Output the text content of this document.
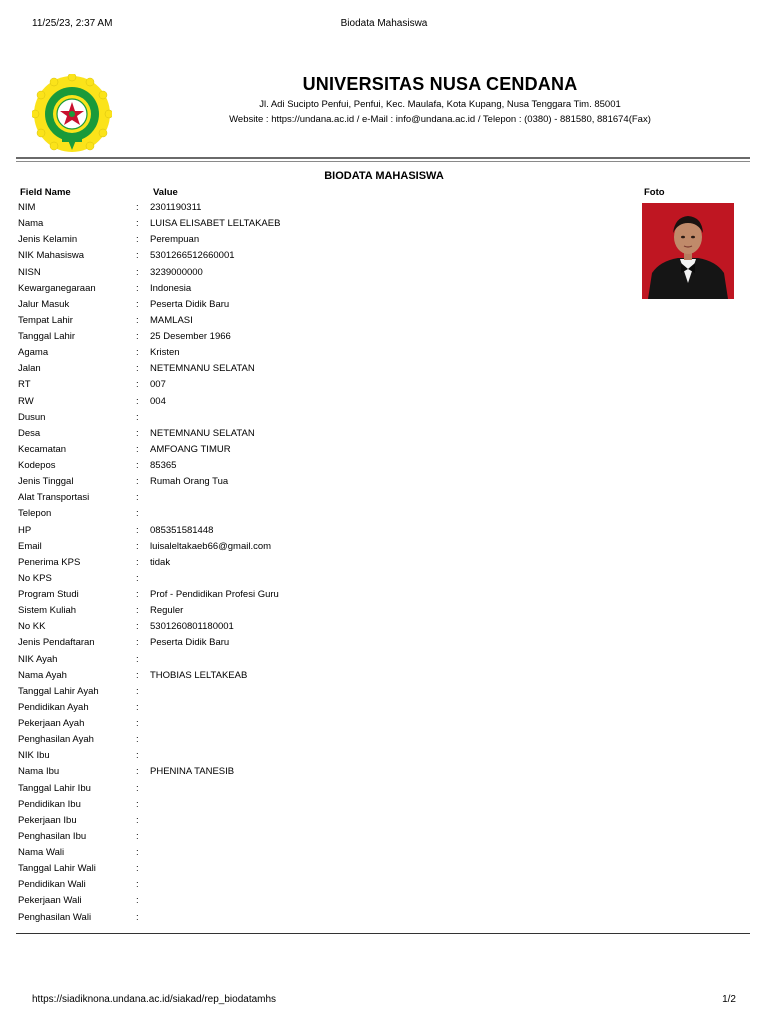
11/25/23, 2:37 AM	Biodata Mahasiswa
UNIVERSITAS NUSA CENDANA
Jl. Adi Sucipto Penfui, Penfui, Kec. Maulafa, Kota Kupang, Nusa Tenggara Tim. 85001
Website : https://undana.ac.id / e-Mail : info@undana.ac.id / Telepon : (0380) - 881580, 881674(Fax)
BIODATA MAHASISWA
Field Name	Value	Foto
NIM	: 2301190311
Nama	: LUISA ELISABET LELTAKAEB
Jenis Kelamin	: Perempuan
NIK Mahasiswa	: 5301266512660001
NISN	: 3239000000
Kewarganegaraan	: Indonesia
Jalur Masuk	: Peserta Didik Baru
Tempat Lahir	: MAMLASI
Tanggal Lahir	: 25 Desember 1966
Agama	: Kristen
Jalan	: NETEMNANU SELATAN
RT	: 007
RW	: 004
Dusun	:
Desa	: NETEMNANU SELATAN
Kecamatan	: AMFOANG TIMUR
Kodepos	: 85365
Jenis Tinggal	: Rumah Orang Tua
Alat Transportasi	:
Telepon	:
HP	: 085351581448
Email	: luisaleltakaeb66@gmail.com
Penerima KPS	: tidak
No KPS	:
Program Studi	: Prof - Pendidikan Profesi Guru
Sistem Kuliah	: Reguler
No KK	: 5301260801180001
Jenis Pendaftaran	: Peserta Didik Baru
NIK Ayah	:
Nama Ayah	: THOBIAS LELTAKEAB
Tanggal Lahir Ayah	:
Pendidikan Ayah	:
Pekerjaan Ayah	:
Penghasilan Ayah	:
NIK Ibu	:
Nama Ibu	: PHENINA TANESIB
Tanggal Lahir Ibu	:
Pendidikan Ibu	:
Pekerjaan Ibu	:
Penghasilan Ibu	:
Nama Wali	:
Tanggal Lahir Wali	:
Pendidikan Wali	:
Pekerjaan Wali	:
Penghasilan Wali	:
https://siadiknona.undana.ac.id/siakad/rep_biodatamhs	1/2
